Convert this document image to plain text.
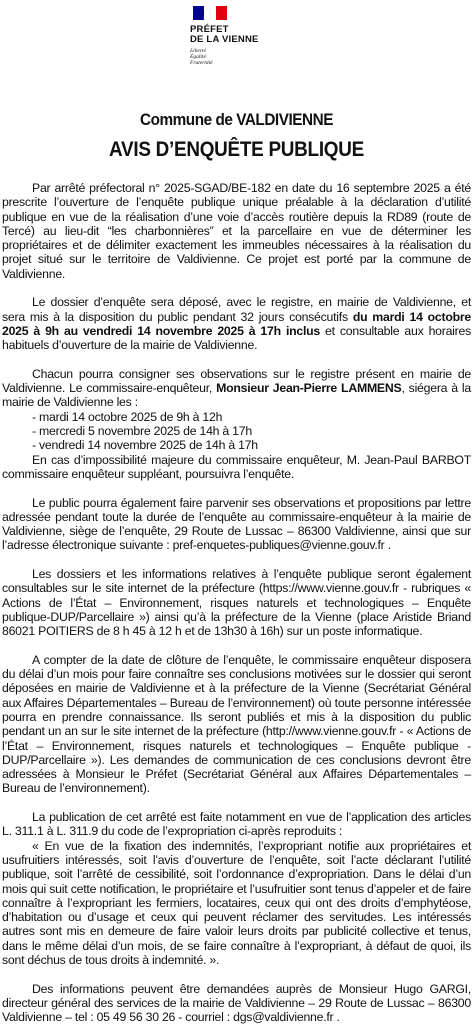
PRÉFET
DE LA VIENNE
Liberté
Égalité
Fraternité
Commune de VALDIVIENNE
AVIS D’ENQUÊTE PUBLIQUE

Par arrêté préfectoral n° 2025-SGAD/BE-182 en date du 16 septembre 2025 a été prescrite l’ouverture de l’enquête publique unique préalable à la déclaration d’utilité publique en vue de la réalisation d’une voie d’accès routière depuis la RD89 (route de Tercé) au lieu-dit “les charbonnières” et la parcellaire en vue de déterminer les propriétaires et de délimiter exactement les immeubles nécessaires à la réalisation du projet situé sur le territoire de Valdivienne. Ce projet est porté par la commune de Valdivienne.

Le dossier d’enquête sera déposé, avec le registre, en mairie de Valdivienne, et sera mis à la disposition du public pendant 32 jours consécutifs du mardi 14 octobre 2025 à 9h au vendredi 14 novembre 2025 à 17h inclus et consultable aux horaires habituels d’ouverture de la mairie de Valdivienne.

Chacun pourra consigner ses observations sur le registre présent en mairie de Valdivienne. Le commissaire-enquêteur, Monsieur Jean-Pierre LAMMENS, siégera à la mairie de Valdivienne les :

- mardi 14 octobre 2025 de 9h à 12h
- mercredi 5 novembre 2025 de 14h à 17h
- vendredi 14 novembre 2025 de 14h à 17h

En cas d’impossibilité majeure du commissaire enquêteur, M. Jean-Paul BARBOT commissaire enquêteur suppléant, poursuivra l’enquête.

Le public pourra également faire parvenir ses observations et propositions par lettre adressée pendant toute la durée de l’enquête au commissaire-enquêteur à la mairie de Valdivienne, siège de l’enquête, 29 Route de Lussac – 86300 Valdivienne, ainsi que sur l’adresse électronique suivante : pref-enquetes-publiques@vienne.gouv.fr .

Les dossiers et les informations relatives à l’enquête publique seront également consultables sur le site internet de la préfecture (https://www.vienne.gouv.fr - rubriques « Actions de l’État – Environnement, risques naturels et technologiques – Enquête publique-DUP/Parcellaire ») ainsi qu’à la préfecture de la Vienne (place Aristide Briand 86021 POITIERS de 8 h 45 à 12 h et de 13h30 à 16h) sur un poste informatique.

A compter de la date de clôture de l’enquête, le commissaire enquêteur disposera du délai d’un mois pour faire connaître ses conclusions motivées sur le dossier qui seront déposées en mairie de Valdivienne et à la préfecture de la Vienne (Secrétariat Général aux Affaires Départementales – Bureau de l’environnement) où toute personne intéressée pourra en prendre connaissance. Ils seront publiés et mis à la disposition du public pendant un an sur le site internet de la préfecture (http://www.vienne.gouv.fr - « Actions de l’État – Environnement, risques naturels et technologiques – Enquête publique - DUP/Parcellaire »). Les demandes de communication de ces conclusions devront être adressées à Monsieur le Préfet (Secrétariat Général aux Affaires Départementales – Bureau de l’environnement).

La publication de cet arrêté est faite notamment en vue de l’application des articles L. 311.1 à L. 311.9 du code de l’expropriation ci-après reproduits :

« En vue de la fixation des indemnités, l’expropriant notifie aux propriétaires et usufruitiers intéressés, soit l’avis d’ouverture de l’enquête, soit l’acte déclarant l’utilité publique, soit l’arrêté de cessibilité, soit l’ordonnance d’expropriation. Dans le délai d’un mois qui suit cette notification, le propriétaire et l’usufruitier sont tenus d’appeler et de faire connaître à l’expropriant les fermiers, locataires, ceux qui ont des droits d’emphytéose, d’habitation ou d’usage et ceux qui peuvent réclamer des servitudes. Les intéressés autres sont mis en demeure de faire valoir leurs droits par publicité collective et tenus, dans le même délai d’un mois, de se faire connaître à l’expropriant, à défaut de quoi, ils sont déchus de tous droits à indemnité. ».

Des informations peuvent être demandées auprès de Monsieur Hugo GARGI, directeur général des services de la mairie de Valdivienne – 29 Route de Lussac – 86300 Valdivienne – tel : 05 49 56 30 26 - courriel : dgs@valdivienne.fr .
